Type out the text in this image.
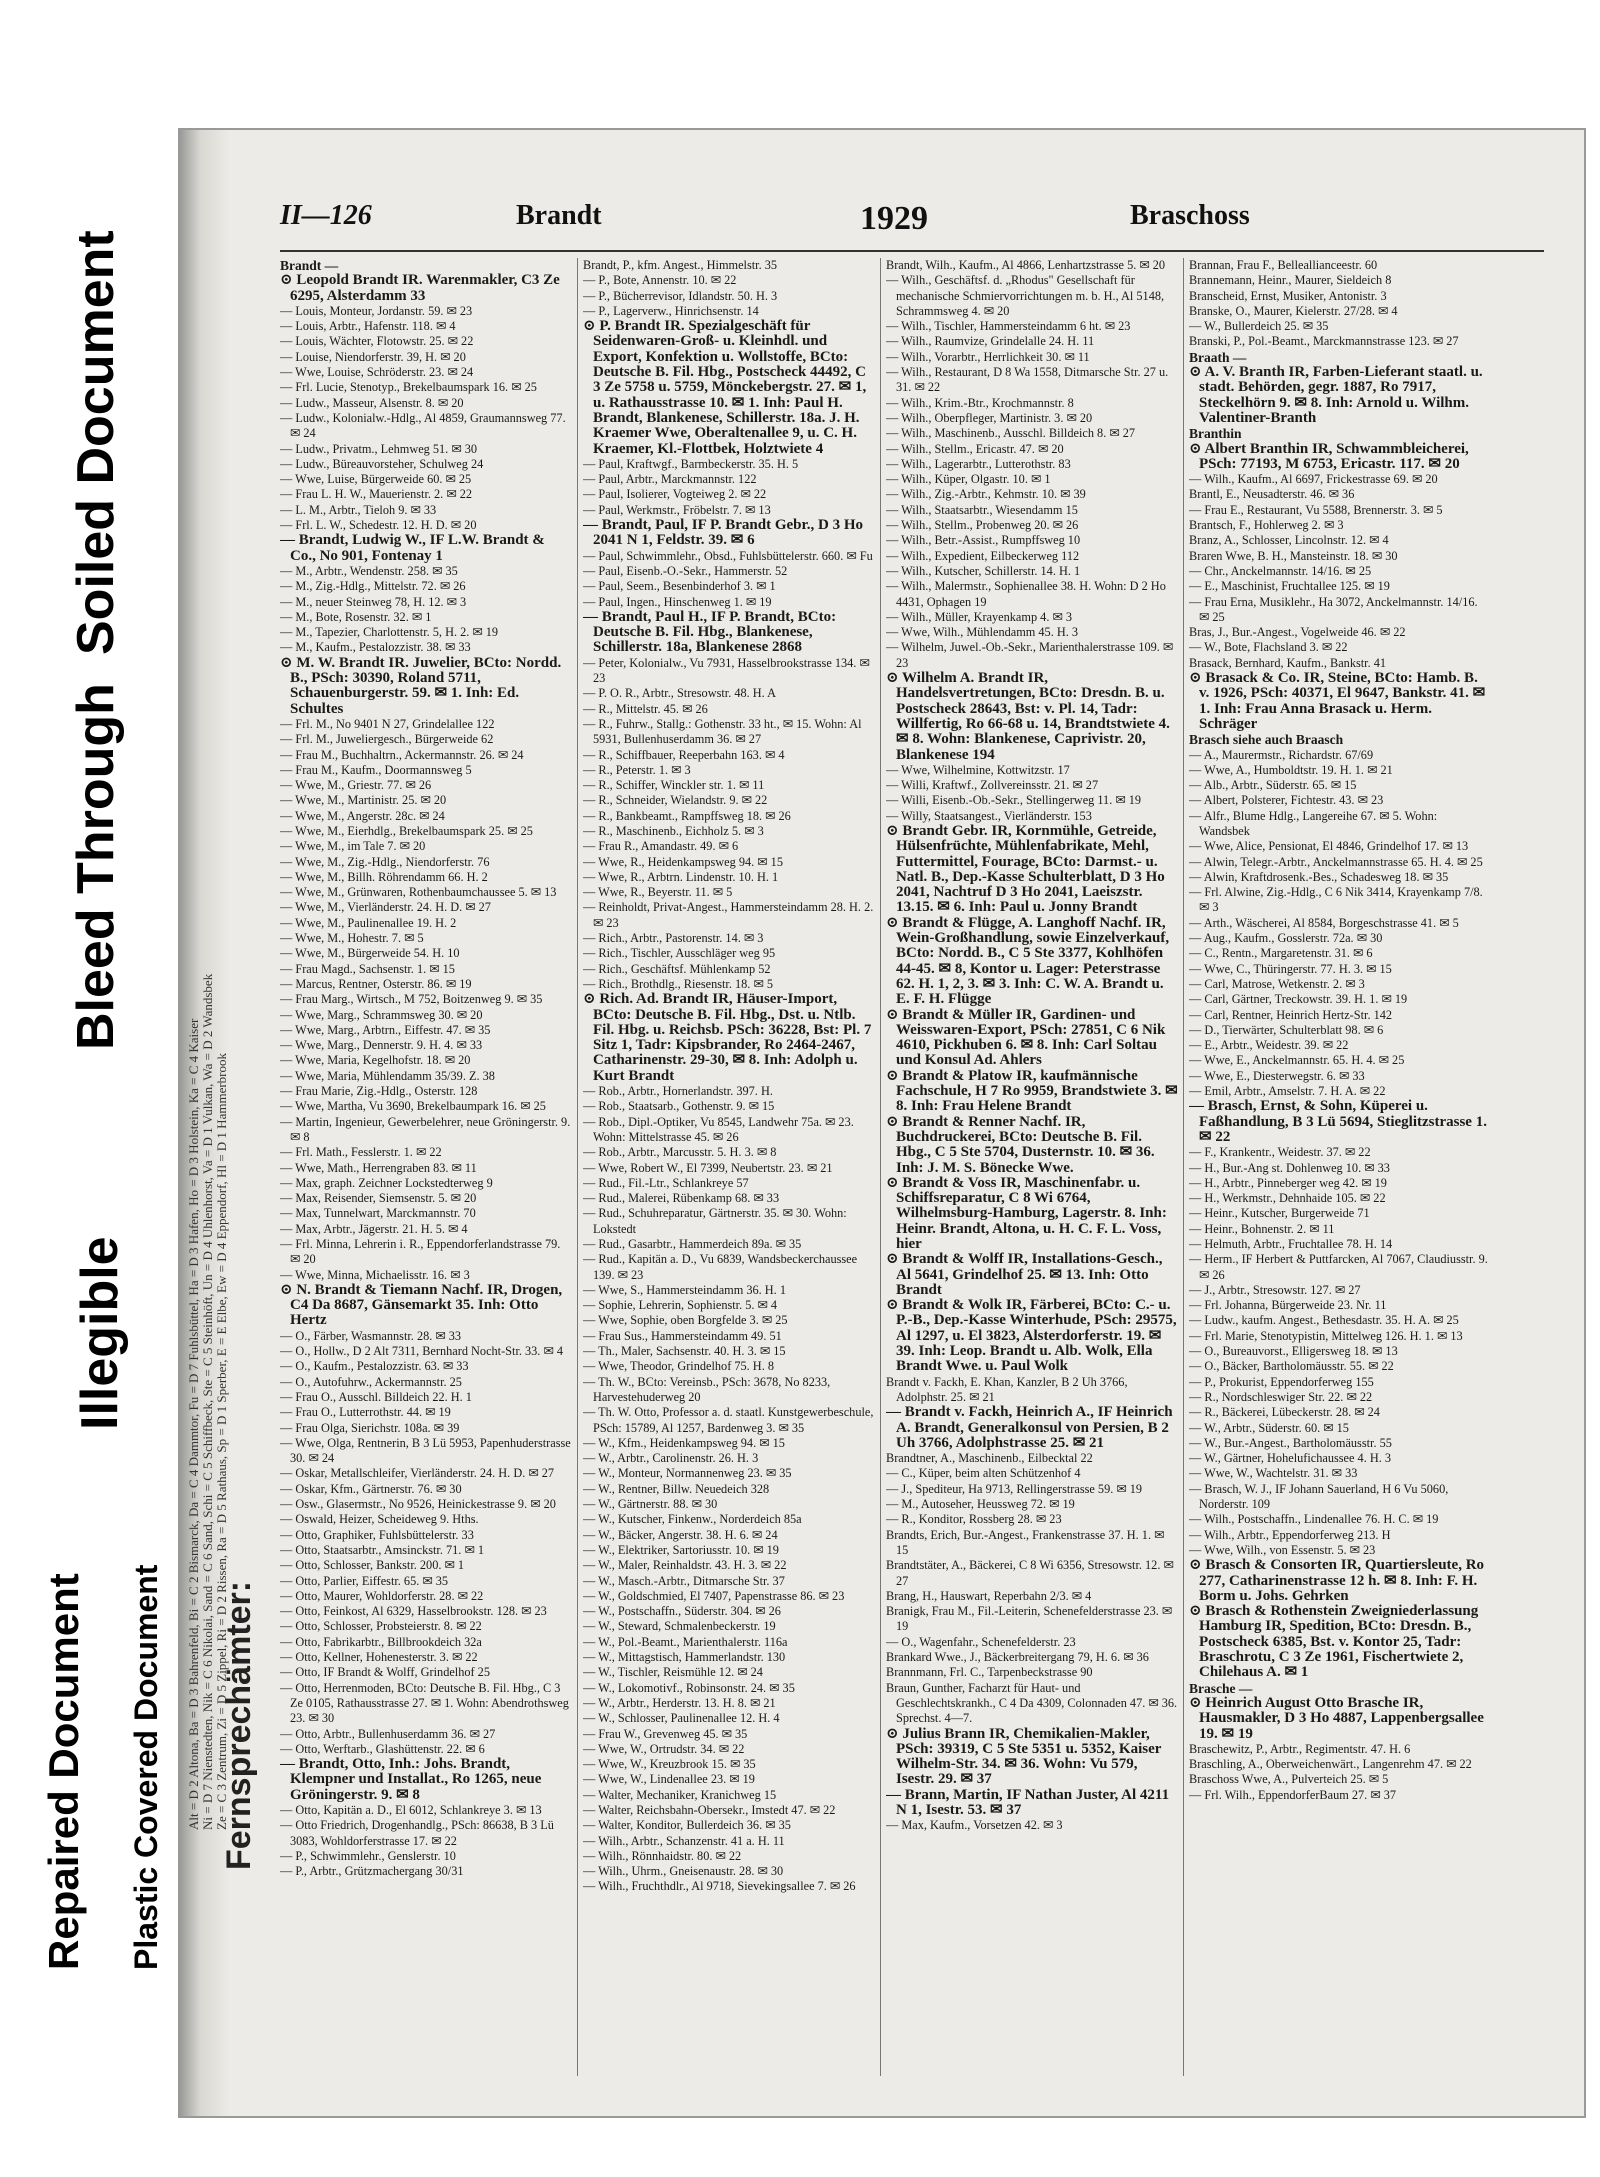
Repaired Document Plastic Covered Document
Illegible
Bleed Through
Soiled Document
Fernsprechämter:
Alt = D 2 Altona, Ba = D 3 Bahrenfeld, Bi = C 2 Bismarck, Da = C 4 Dammtor, Fu = D 7 Fuhlsbüttel, Ha = D 3 Hafen, Ho = D 3 Holstein, Ka = C 4 Kaiser Ni = D 7 Nienstedten, Nik = C 6 Nikolai, Sand = C 6 Sand, Schi = C 5 Schiffbeck, Ste = C 5 Steinhöft, Un = D 4 Uhlenhorst, Va = D 1 Vulkan, Wa = D 2 Wandsbek Ze = C 3 Zentrum, Zi = D 5 Zippel, Ri = D 2 Rissen, Ra = D 5 Rathaus, Sp = D 1 Sperber, E = E Elbe, Ew = D 4 Eppendorf, Hl = D 1 Hammerbrook
II—126	Brandt	1929	Braschoss

Brandt —

⊙ Leopold Brandt IR. Warenmakler, C3 Ze 6295, Alsterdamm 33

— Louis, Monteur, Jordanstr. 59. ✉ 23

— Louis, Arbtr., Hafenstr. 118. ✉ 4

— Louis, Wächter, Flotowstr. 25. ✉ 22

— Louise, Niendorferstr. 39, H. ✉ 20

— Wwe, Louise, Schröderstr. 23. ✉ 24

— Frl. Lucie, Stenotyp., Brekelbaumspark 16. ✉ 25

— Ludw., Masseur, Alsenstr. 8. ✉ 20

— Ludw., Kolonialw.-Hdlg., Al 4859, Graumannsweg 77. ✉ 24

— Ludw., Privatm., Lehmweg 51. ✉ 30

— Ludw., Büreauvorsteher, Schulweg 24

— Wwe, Luise, Bürgerweide 60. ✉ 25

— Frau L. H. W., Mauerienstr. 2. ✉ 22

— L. M., Arbtr., Tieloh 9. ✉ 33

— Frl. L. W., Schedestr. 12. H. D. ✉ 20

— Brandt, Ludwig W., IF L.W. Brandt & Co., No 901, Fontenay 1

— M., Arbtr., Wendenstr. 258. ✉ 35

— M., Zig.-Hdlg., Mittelstr. 72. ✉ 26

— M., neuer Steinweg 78, H. 12. ✉ 3

— M., Bote, Rosenstr. 32. ✉ 1

— M., Tapezier, Charlottenstr. 5, H. 2. ✉ 19

— M., Kaufm., Pestalozzistr. 38. ✉ 33

⊙ M. W. Brandt IR. Juwelier, BCto: Nordd. B., PSch: 30390, Roland 5711, Schauenburgerstr. 59. ✉ 1. Inh: Ed. Schultes

— Frl. M., No 9401 N 27, Grindelallee 122

— Frl. M., Juweliergesch., Bürgerweide 62

— Frau M., Buchhaltrn., Ackermannstr. 26. ✉ 24

— Frau M., Kaufm., Doormannsweg 5

— Wwe, M., Griestr. 77. ✉ 26

— Wwe, M., Martinistr. 25. ✉ 20

— Wwe, M., Angerstr. 28c. ✉ 24

— Wwe, M., Eierhdlg., Brekelbaumspark 25. ✉ 25

— Wwe, M., im Tale 7. ✉ 20

— Wwe, M., Zig.-Hdlg., Niendorferstr. 76

— Wwe, M., Billh. Röhrendamm 66. H. 2

— Wwe, M., Grünwaren, Rothenbaumchaussee 5. ✉ 13

— Wwe, M., Vierländerstr. 24. H. D. ✉ 27

— Wwe, M., Paulinenallee 19. H. 2

— Wwe, M., Hohestr. 7. ✉ 5

— Wwe, M., Bürgerweide 54. H. 10

— Frau Magd., Sachsenstr. 1. ✉ 15

— Marcus, Rentner, Osterstr. 86. ✉ 19

— Frau Marg., Wirtsch., M 752, Boitzenweg 9. ✉ 35

— Wwe, Marg., Schrammsweg 30. ✉ 20

— Wwe, Marg., Arbtrn., Eiffestr. 47. ✉ 35

— Wwe, Marg., Dennerstr. 9. H. 4. ✉ 33

— Wwe, Maria, Kegelhofstr. 18. ✉ 20

— Wwe, Maria, Mühlendamm 35/39. Z. 38

— Frau Marie, Zig.-Hdlg., Osterstr. 128

— Wwe, Martha, Vu 3690, Brekelbaumpark 16. ✉ 25

— Martin, Ingenieur, Gewerbelehrer, neue Gröningerstr. 9. ✉ 8

— Frl. Math., Fesslerstr. 1. ✉ 22

— Wwe, Math., Herrengraben 83. ✉ 11

— Max, graph. Zeichner Lockstedterweg 9

— Max, Reisender, Siemsenstr. 5. ✉ 20

— Max, Tunnelwart, Marckmannstr. 70

— Max, Arbtr., Jägerstr. 21. H. 5. ✉ 4

— Frl. Minna, Lehrerin i. R., Eppendorferlandstrasse 79. ✉ 20

— Wwe, Minna, Michaelisstr. 16. ✉ 3

⊙ N. Brandt & Tiemann Nachf. IR, Drogen, C4 Da 8687, Gänsemarkt 35. Inh: Otto Hertz

— O., Färber, Wasmannstr. 28. ✉ 33

— O., Hollw., D 2 Alt 7311, Bernhard Nocht-Str. 33. ✉ 4

— O., Kaufm., Pestalozzistr. 63. ✉ 33

— O., Autofuhrw., Ackermannstr. 25

— Frau O., Ausschl. Billdeich 22. H. 1

— Frau O., Lutterrothstr. 44. ✉ 19

— Frau Olga, Sierichstr. 108a. ✉ 39

— Wwe, Olga, Rentnerin, B 3 Lü 5953, Papenhuderstrasse 30. ✉ 24

— Oskar, Metallschleifer, Vierländerstr. 24. H. D. ✉ 27

— Oskar, Kfm., Gärtnerstr. 76. ✉ 30

— Osw., Glasermstr., No 9526, Heinickestrasse 9. ✉ 20

— Oswald, Heizer, Scheideweg 9. Hths.

— Otto, Graphiker, Fuhlsbüttelerstr. 33

— Otto, Staatsarbtr., Amsinckstr. 71. ✉ 1

— Otto, Schlosser, Bankstr. 200. ✉ 1

— Otto, Parlier, Eiffestr. 65. ✉ 35

— Otto, Maurer, Wohldorferstr. 28. ✉ 22

— Otto, Feinkost, Al 6329, Hasselbrookstr. 128. ✉ 23

— Otto, Schlosser, Probsteierstr. 8. ✉ 22

— Otto, Fabrikarbtr., Billbrookdeich 32a

— Otto, Kellner, Hohenesterstr. 3. ✉ 22

— Otto, IF Brandt & Wolff, Grindelhof 25

— Otto, Herrenmoden, BCto: Deutsche B. Fil. Hbg., C 3 Ze 0105, Rathausstrasse 27. ✉ 1. Wohn: Abendrothsweg 23. ✉ 30

— Otto, Arbtr., Bullenhuserdamm 36. ✉ 27

— Otto, Werftarb., Glashüttenstr. 22. ✉ 6

— Brandt, Otto, Inh.: Johs. Brandt, Klempner und Installat., Ro 1265, neue Gröningerstr. 9. ✉ 8

— Otto, Kapitän a. D., El 6012, Schlankreye 3. ✉ 13

— Otto Friedrich, Drogenhandlg., PSch: 86638, B 3 Lü 3083, Wohldorferstrasse 17. ✉ 22

— P., Schwimmlehr., Genslerstr. 10

— P., Arbtr., Grützmachergang 30/31

Brandt, P., kfm. Angest., Himmelstr. 35

— P., Bote, Annenstr. 10. ✉ 22

— P., Bücherrevisor, Idlandstr. 50. H. 3

— P., Lagerverw., Hinrichsenstr. 14

⊙ P. Brandt IR. Spezialgeschäft für Seidenwaren-Groß- u. Kleinhdl. und Export, Konfektion u. Wollstoffe, BCto: Deutsche B. Fil. Hbg., Postscheck 44492, C 3 Ze 5758 u. 5759, Mönckebergstr. 27. ✉ 1, u. Rathausstrasse 10. ✉ 1. Inh: Paul H. Brandt, Blankenese, Schillerstr. 18a. J. H. Kraemer Wwe, Oberaltenallee 9, u. C. H. Kraemer, Kl.-Flottbek, Holztwiete 4

— Paul, Kraftwgf., Barmbeckerstr. 35. H. 5

— Paul, Arbtr., Marckmannstr. 122

— Paul, Isolierer, Vogteiweg 2. ✉ 22

— Paul, Werkmstr., Fröbelstr. 7. ✉ 13

— Brandt, Paul, IF P. Brandt Gebr., D 3 Ho 2041 N 1, Feldstr. 39. ✉ 6

— Paul, Schwimmlehr., Obsd., Fuhlsbüttelerstr. 660. ✉ Fu

— Paul, Eisenb.-O.-Sekr., Hammerstr. 52

— Paul, Seem., Besenbinderhof 3. ✉ 1

— Paul, Ingen., Hinschenweg 1. ✉ 19

— Brandt, Paul H., IF P. Brandt, BCto: Deutsche B. Fil. Hbg., Blankenese, Schillerstr. 18a, Blankenese 2868

— Peter, Kolonialw., Vu 7931, Hasselbrookstrasse 134. ✉ 23

— P. O. R., Arbtr., Stresowstr. 48. H. A

— R., Mittelstr. 45. ✉ 26

— R., Fuhrw., Stallg.: Gothenstr. 33 ht., ✉ 15. Wohn: Al 5931, Bullenhuserdamm 36. ✉ 27

— R., Schiffbauer, Reeperbahn 163. ✉ 4

— R., Peterstr. 1. ✉ 3

— R., Schiffer, Winckler str. 1. ✉ 11

— R., Schneider, Wielandstr. 9. ✉ 22

— R., Bankbeamt., Rampffsweg 18. ✉ 26

— R., Maschinenb., Eichholz 5. ✉ 3

— Frau R., Amandastr. 49. ✉ 6

— Wwe, R., Heidenkampsweg 94. ✉ 15

— Wwe, R., Arbtrn. Lindenstr. 10. H. 1

— Wwe, R., Beyerstr. 11. ✉ 5

— Reinholdt, Privat-Angest., Hammersteindamm 28. H. 2. ✉ 23

— Rich., Arbtr., Pastorenstr. 14. ✉ 3

— Rich., Tischler, Ausschläger weg 95

— Rich., Geschäftsf. Mühlenkamp 52

— Rich., Brothdlg., Riesenstr. 18. ✉ 5

⊙ Rich. Ad. Brandt IR, Häuser-Import, BCto: Deutsche B. Fil. Hbg., Dst. u. Ntlb. Fil. Hbg. u. Reichsb. PSch: 36228, Bst: Pl. 7 Sitz 1, Tadr: Kipsbrander, Ro 2464-2467, Catharinenstr. 29-30, ✉ 8. Inh: Adolph u. Kurt Brandt

— Rob., Arbtr., Hornerlandstr. 397. H.

— Rob., Staatsarb., Gothenstr. 9. ✉ 15

— Rob., Dipl.-Optiker, Vu 8545, Landwehr 75a. ✉ 23. Wohn: Mittelstrasse 45. ✉ 26

— Rob., Arbtr., Marcusstr. 5. H. 3. ✉ 8

— Wwe, Robert W., El 7399, Neubertstr. 23. ✉ 21

— Rud., Fil.-Ltr., Schlankreye 57

— Rud., Malerei, Rübenkamp 68. ✉ 33

— Rud., Schuhreparatur, Gärtnerstr. 35. ✉ 30. Wohn: Lokstedt

— Rud., Gasarbtr., Hammerdeich 89a. ✉ 35

— Rud., Kapitän a. D., Vu 6839, Wandsbeckerchaussee 139. ✉ 23

— Wwe, S., Hammersteindamm 36. H. 1

— Sophie, Lehrerin, Sophienstr. 5. ✉ 4

— Wwe, Sophie, oben Borgfelde 3. ✉ 25

— Frau Sus., Hammersteindamm 49. 51

— Th., Maler, Sachsenstr. 40. H. 3. ✉ 15

— Wwe, Theodor, Grindelhof 75. H. 8

— Th. W., BCto: Vereinsb., PSch: 3678, No 8233, Harvestehuderweg 20

— Th. W. Otto, Professor a. d. staatl. Kunstgewerbeschule, PSch: 15789, Al 1257, Bardenweg 3. ✉ 35

— W., Kfm., Heidenkampsweg 94. ✉ 15

— W., Arbtr., Carolinenstr. 26. H. 3

— W., Monteur, Normannenweg 23. ✉ 35

— W., Rentner, Billw. Neuedeich 328

— W., Gärtnerstr. 88. ✉ 30

— W., Kutscher, Finkenw., Norderdeich 85a

— W., Bäcker, Angerstr. 38. H. 6. ✉ 24

— W., Elektriker, Sartoriusstr. 10. ✉ 19

— W., Maler, Reinhaldstr. 43. H. 3. ✉ 22

— W., Masch.-Arbtr., Ditmarsche Str. 37

— W., Goldschmied, El 7407, Papenstrasse 86. ✉ 23

— W., Postschaffn., Süderstr. 304. ✉ 26

— W., Steward, Schmalenbeckerstr. 19

— W., Pol.-Beamt., Marienthalerstr. 116a

— W., Mittagstisch, Hammerlandstr. 130

— W., Tischler, Reismühle 12. ✉ 24

— W., Lokomotivf., Robinsonstr. 24. ✉ 35

— W., Arbtr., Herderstr. 13. H. 8. ✉ 21

— W., Schlosser, Paulinenallee 12. H. 4

— Frau W., Grevenweg 45. ✉ 35

— Wwe, W., Ortrudstr. 34. ✉ 22

— Wwe, W., Kreuzbrook 15. ✉ 35

— Wwe, W., Lindenallee 23. ✉ 19

— Walter, Mechaniker, Kranichweg 15

— Walter, Reichsbahn-Obersekr., Imstedt 47. ✉ 22

— Walter, Konditor, Bullerdeich 36. ✉ 35

— Wilh., Arbtr., Schanzenstr. 41 a. H. 11

— Wilh., Rönnhaidstr. 80. ✉ 22

— Wilh., Uhrm., Gneisenaustr. 28. ✉ 30

— Wilh., Fruchthdlr., Al 9718, Sievekingsallee 7. ✉ 26

Brandt, Wilh., Kaufm., Al 4866, Lenhartzstrasse 5. ✉ 20

— Wilh., Geschäftsf. d. „Rhodus" Gesellschaft für mechanische Schmiervorrichtungen m. b. H., Al 5148, Schrammsweg 4. ✉ 20

— Wilh., Tischler, Hammersteindamm 6 ht. ✉ 23

— Wilh., Raumvize, Grindelalle 24. H. 11

— Wilh., Vorarbtr., Herrlichkeit 30. ✉ 11

— Wilh., Restaurant, D 8 Wa 1558, Ditmarsche Str. 27 u. 31. ✉ 22

— Wilh., Krim.-Btr., Krochmannstr. 8

— Wilh., Oberpfleger, Martinistr. 3. ✉ 20

— Wilh., Maschinenb., Ausschl. Billdeich 8. ✉ 27

— Wilh., Stellm., Ericastr. 47. ✉ 20

— Wilh., Lagerarbtr., Lutterothstr. 83

— Wilh., Küper, Olgastr. 10. ✉ 1

— Wilh., Zig.-Arbtr., Kehmstr. 10. ✉ 39

— Wilh., Staatsarbtr., Wiesendamm 15

— Wilh., Stellm., Probenweg 20. ✉ 26

— Wilh., Betr.-Assist., Rumpffsweg 10

— Wilh., Expedient, Eilbeckerweg 112

— Wilh., Kutscher, Schillerstr. 14. H. 1

— Wilh., Malermstr., Sophienallee 38. H. Wohn: D 2 Ho 4431, Ophagen 19

— Wilh., Müller, Krayenkamp 4. ✉ 3

— Wwe, Wilh., Mühlendamm 45. H. 3

— Wilhelm, Juwel.-Ob.-Sekr., Marienthalerstrasse 109. ✉ 23

⊙ Wilhelm A. Brandt IR, Handelsvertretungen, BCto: Dresdn. B. u. Postscheck 28643, Bst: v. Pl. 14, Tadr: Willfertig, Ro 66-68 u. 14, Brandtstwiete 4. ✉ 8. Wohn: Blankenese, Caprivistr. 20, Blankenese 194

— Wwe, Wilhelmine, Kottwitzstr. 17

— Willi, Kraftwf., Zollvereinsstr. 21. ✉ 27

— Willi, Eisenb.-Ob.-Sekr., Stellingerweg 11. ✉ 19

— Willy, Staatsangest., Vierländerstr. 153

⊙ Brandt Gebr. IR, Kornmühle, Getreide, Hülsenfrüchte, Mühlenfabrikate, Mehl, Futtermittel, Fourage, BCto: Darmst.- u. Natl. B., Dep.-Kasse Schulterblatt, D 3 Ho 2041, Nachtruf D 3 Ho 2041, Laeiszstr. 13.15. ✉ 6. Inh: Paul u. Jonny Brandt

⊙ Brandt & Flügge, A. Langhoff Nachf. IR, Wein-Großhandlung, sowie Einzelverkauf, BCto: Nordd. B., C 5 Ste 3377, Kohlhöfen 44-45. ✉ 8, Kontor u. Lager: Peterstrasse 62. H. 1, 2, 3. ✉ 3. Inh: C. W. A. Brandt u. E. F. H. Flügge

⊙ Brandt & Müller IR, Gardinen- und Weisswaren-Export, PSch: 27851, C 6 Nik 4610, Pickhuben 6. ✉ 8. Inh: Carl Soltau und Konsul Ad. Ahlers

⊙ Brandt & Platow IR, kaufmännische Fachschule, H 7 Ro 9959, Brandstwiete 3. ✉ 8. Inh: Frau Helene Brandt

⊙ Brandt & Renner Nachf. IR, Buchdruckerei, BCto: Deutsche B. Fil. Hbg., C 5 Ste 5704, Dusternstr. 10. ✉ 36. Inh: J. M. S. Bönecke Wwe.

⊙ Brandt & Voss IR, Maschinenfabr. u. Schiffsreparatur, C 8 Wi 6764, Wilhelmsburg-Hamburg, Lagerstr. 8. Inh: Heinr. Brandt, Altona, u. H. C. F. L. Voss, hier

⊙ Brandt & Wolff IR, Installations-Gesch., Al 5641, Grindelhof 25. ✉ 13. Inh: Otto Brandt

⊙ Brandt & Wolk IR, Färberei, BCto: C.- u. P.-B., Dep.-Kasse Winterhude, PSch: 29575, Al 1297, u. El 3823, Alsterdorferstr. 19. ✉ 39. Inh: Leop. Brandt u. Alb. Wolk, Ella Brandt Wwe. u. Paul Wolk

Brandt v. Fackh, E. Khan, Kanzler, B 2 Uh 3766, Adolphstr. 25. ✉ 21

— Brandt v. Fackh, Heinrich A., IF Heinrich A. Brandt, Generalkonsul von Persien, B 2 Uh 3766, Adolphstrasse 25. ✉ 21

Brandtner, A., Maschinenb., Eilbecktal 22

— C., Küper, beim alten Schützenhof 4

— J., Spediteur, Ha 9713, Rellingerstrasse 59. ✉ 19

— M., Autoseher, Heussweg 72. ✉ 19

— R., Konditor, Rossberg 28. ✉ 23

Brandts, Erich, Bur.-Angest., Frankenstrasse 37. H. 1. ✉ 15

Brandtstäter, A., Bäckerei, C 8 Wi 6356, Stresowstr. 12. ✉ 27

Brang, H., Hauswart, Reperbahn 2/3. ✉ 4

Branigk, Frau M., Fil.-Leiterin, Schenefelderstrasse 23. ✉ 19

— O., Wagenfahr., Schenefelderstr. 23

Brankard Wwe., J., Bäckerbreitergang 79, H. 6. ✉ 36

Brannmann, Frl. C., Tarpenbeckstrasse 90

Braun, Gunther, Facharzt für Haut- und Geschlechtskrankh., C 4 Da 4309, Colonnaden 47. ✉ 36. Sprechst. 4—7.

⊙ Julius Brann IR, Chemikalien-Makler, PSch: 39319, C 5 Ste 5351 u. 5352, Kaiser Wilhelm-Str. 34. ✉ 36. Wohn: Vu 579, Isestr. 29. ✉ 37

— Brann, Martin, IF Nathan Juster, Al 4211 N 1, Isestr. 53. ✉ 37

— Max, Kaufm., Vorsetzen 42. ✉ 3

Brannan, Frau F., Belleallianceestr. 60

Brannemann, Heinr., Maurer, Sieldeich 8

Branscheid, Ernst, Musiker, Antonistr. 3

Branske, O., Maurer, Kielerstr. 27/28. ✉ 4

— W., Bullerdeich 25. ✉ 35

Branski, P., Pol.-Beamt., Marckmannstrasse 123. ✉ 27

Braath —

⊙ A. V. Branth IR, Farben-Lieferant staatl. u. stadt. Behörden, gegr. 1887, Ro 7917, Steckelhörn 9. ✉ 8. Inh: Arnold u. Wilhm. Valentiner-Branth

Branthin

⊙ Albert Branthin IR, Schwammbleicherei, PSch: 77193, M 6753, Ericastr. 117. ✉ 20

— Wilh., Kaufm., Al 6697, Frickestrasse 69. ✉ 20

Brantl, E., Neusadterstr. 46. ✉ 36

— Frau E., Restaurant, Vu 5588, Brennerstr. 3. ✉ 5

Brantsch, F., Hohlerweg 2. ✉ 3

Branz, A., Schlosser, Lincolnstr. 12. ✉ 4

Braren Wwe, B. H., Mansteinstr. 18. ✉ 30

— Chr., Anckelmannstr. 14/16. ✉ 25

— E., Maschinist, Fruchtallee 125. ✉ 19

— Frau Erna, Musiklehr., Ha 3072, Anckelmannstr. 14/16. ✉ 25

Bras, J., Bur.-Angest., Vogelweide 46. ✉ 22

— W., Bote, Flachsland 3. ✉ 22

Brasack, Bernhard, Kaufm., Bankstr. 41

⊙ Brasack & Co. IR, Steine, BCto: Hamb. B. v. 1926, PSch: 40371, El 9647, Bankstr. 41. ✉ 1. Inh: Frau Anna Brasack u. Herm. Schräger

Brasch siehe auch Braasch

— A., Maurermstr., Richardstr. 67/69

— Wwe, A., Humboldtstr. 19. H. 1. ✉ 21

— Alb., Arbtr., Süderstr. 65. ✉ 15

— Albert, Polsterer, Fichtestr. 43. ✉ 23

— Alfr., Blume Hdlg., Langereihe 67. ✉ 5. Wohn: Wandsbek

— Wwe, Alice, Pensionat, El 4846, Grindelhof 17. ✉ 13

— Alwin, Telegr.-Arbtr., Anckelmannstrasse 65. H. 4. ✉ 25

— Alwin, Kraftdrosenk.-Bes., Schadesweg 18. ✉ 35

— Frl. Alwine, Zig.-Hdlg., C 6 Nik 3414, Krayenkamp 7/8. ✉ 3

— Arth., Wäscherei, Al 8584, Borgeschstrasse 41. ✉ 5

— Aug., Kaufm., Gosslerstr. 72a. ✉ 30

— C., Rentn., Margaretenstr. 31. ✉ 6

— Wwe, C., Thüringerstr. 77. H. 3. ✉ 15

— Carl, Matrose, Wetkenstr. 2. ✉ 3

— Carl, Gärtner, Treckowstr. 39. H. 1. ✉ 19

— Carl, Rentner, Heinrich Hertz-Str. 142

— D., Tierwärter, Schulterblatt 98. ✉ 6

— E., Arbtr., Weidestr. 39. ✉ 22

— Wwe, E., Anckelmannstr. 65. H. 4. ✉ 25

— Wwe, E., Diesterwegstr. 6. ✉ 33

— Emil, Arbtr., Amselstr. 7. H. A. ✉ 22

— Brasch, Ernst, & Sohn, Küperei u. Faßhandlung, B 3 Lü 5694, Stieglitzstrasse 1. ✉ 22

— F., Krankentr., Weidestr. 37. ✉ 22

— H., Bur.-Ang st. Dohlenweg 10. ✉ 33

— H., Arbtr., Pinneberger weg 42. ✉ 19

— H., Werkmstr., Dehnhaide 105. ✉ 22

— Heinr., Kutscher, Burgerweide 71

— Heinr., Bohnenstr. 2. ✉ 11

— Helmuth, Arbtr., Fruchtallee 78. H. 14

— Herm., IF Herbert & Puttfarcken, Al 7067, Claudiusstr. 9. ✉ 26

— J., Arbtr., Stresowstr. 127. ✉ 27

— Frl. Johanna, Bürgerweide 23. Nr. 11

— Ludw., kaufm. Angest., Bethesdastr. 35. H. A. ✉ 25

— Frl. Marie, Stenotypistin, Mittelweg 126. H. 1. ✉ 13

— O., Bureauvorst., Elligersweg 18. ✉ 13

— O., Bäcker, Bartholomäusstr. 55. ✉ 22

— P., Prokurist, Eppendorferweg 155

— R., Nordschleswiger Str. 22. ✉ 22

— R., Bäckerei, Lübeckerstr. 28. ✉ 24

— W., Arbtr., Süderstr. 60. ✉ 15

— W., Bur.-Angest., Bartholomäusstr. 55

— W., Gärtner, Hohelufichaussee 4. H. 3

— Wwe, W., Wachtelstr. 31. ✉ 33

— Brasch, W. J., IF Johann Sauerland, H 6 Vu 5060, Norderstr. 109

— Wilh., Postschaffn., Lindenallee 76. H. C. ✉ 19

— Wilh., Arbtr., Eppendorferweg 213. H

— Wwe, Wilh., von Essenstr. 5. ✉ 23

⊙ Brasch & Consorten IR, Quartiersleute, Ro 277, Catharinenstrasse 12 h. ✉ 8. Inh: F. H. Borm u. Johs. Gehrken

⊙ Brasch & Rothenstein Zweigniederlassung Hamburg IR, Spedition, BCto: Dresdn. B., Postscheck 6385, Bst. v. Kontor 25, Tadr: Braschrotu, C 3 Ze 1961, Fischertwiete 2, Chilehaus A. ✉ 1

Brasche —

⊙ Heinrich August Otto Brasche IR, Hausmakler, D 3 Ho 4887, Lappenbergsallee 19. ✉ 19

Braschewitz, P., Arbtr., Regimentstr. 47. H. 6

Braschling, A., Oberweichenwärt., Langenrehm 47. ✉ 22

Braschoss Wwe, A., Pulverteich 25. ✉ 5

— Frl. Wilh., EppendorferBaum 27. ✉ 37
